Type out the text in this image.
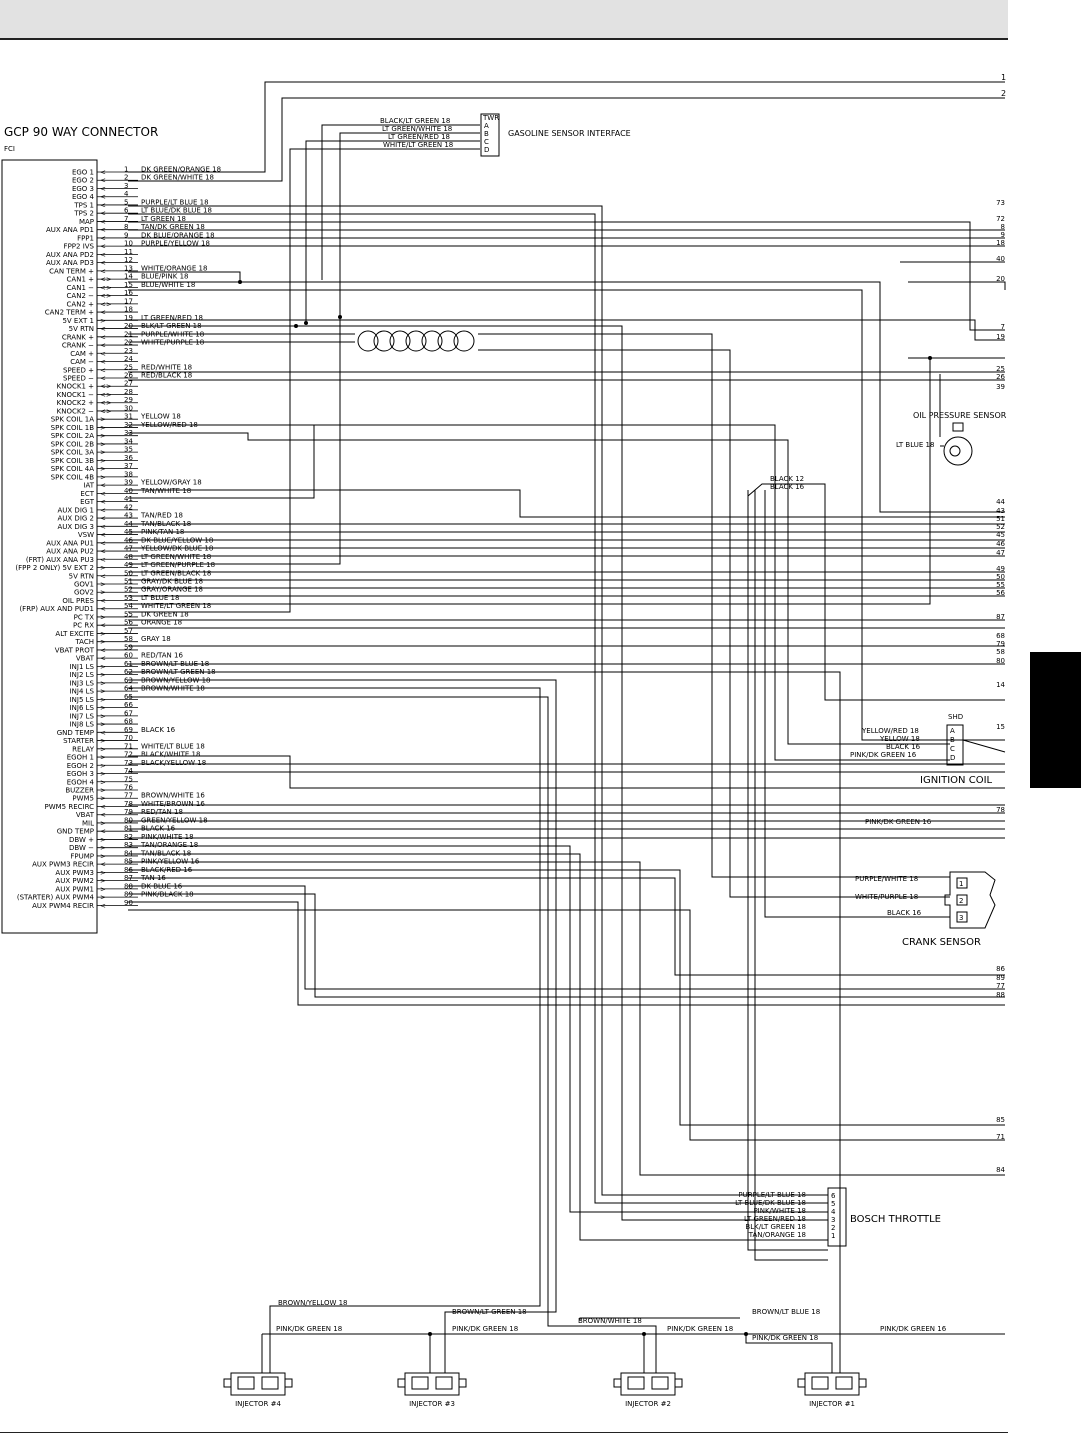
GCP 90 WAY CONNECTOR
FCI
EGO 1 <	1 DK GREEN/ORANGE 18
EGO 2 <	2 DK GREEN/WHITE 18
EGO 3 <	3
EGO 4 <	4
TPS 1 <	5 PURPLE/LT BLUE 18
TPS 2 <	6 LT BLUE/DK BLUE 18
MAP <	7 LT GREEN 18
AUX ANA PD1 <	8 TAN/DK GREEN 18
FPP1 <	9 DK BLUE/ORANGE 18
FPP2 IVS <	10 PURPLE/YELLOW 18
AUX ANA PD2 <	11
AUX ANA PD3 <	12
CAN TERM + <	13 WHITE/ORANGE 18
CAN1 + <> 14 BLUE/PINK 18
CAN1 − <> 15 BLUE/WHITE 18
CAN2 − <> 16
CAN2 + <> 17
CAN2 TERM + <	18
5V EXT 1 >	19 LT GREEN/RED 18
5V RTN <	20 BLK/LT GREEN 18
CRANK + <	21 PURPLE/WHITE 18
CRANK − <	22 WHITE/PURPLE 18
CAM + <	23
CAM − <	24
SPEED + <	25 RED/WHITE 18
SPEED − <	26 RED/BLACK 18
KNOCK1 + <> 27
KNOCK1 − <> 28
KNOCK2 + <> 29
KNOCK2 − <> 30
SPK COIL 1A >	31 YELLOW 18
SPK COIL 1B >	32 YELLOW/RED 18
SPK COIL 2A >	33
SPK COIL 2B >	34
SPK COIL 3A >	35
SPK COIL 3B >	36
SPK COIL 4A >	37
SPK COIL 4B >	38
IAT <	39 YELLOW/GRAY 18
ECT <	40 TAN/WHITE 18
EGT <	41
AUX DIG 1 <	42
AUX DIG 2 <	43 TAN/RED 18
AUX DIG 3 <	44 TAN/BLACK 18
VSW <	45 PINK/TAN 18
AUX ANA PU1 <	46 DK BLUE/YELLOW 18
AUX ANA PU2 <	47 YELLOW/DK BLUE 18
(FRT) AUX ANA PU3 <	48 LT GREEN/WHITE 18
(FPP 2 ONLY) 5V EXT 2 >	49 LT GREEN/PURPLE 18
5V RTN <	50 LT GREEN/BLACK 18
GOV1 >	51 GRAY/DK BLUE 18
GOV2 >	52 GRAY/ORANGE 18
OIL PRES <	53 LT BLUE 18
(FRP) AUX AND PUD1 <	54 WHITE/LT GREEN 18
PC TX >	55 DK GREEN 18
PC RX <	56 ORANGE 18
ALT EXCITE >	57
TACH >	58 GRAY 18
VBAT PROT <	59
VBAT <	60 RED/TAN 16
INJ1 LS >	61 BROWN/LT BLUE 18
INJ2 LS >	62 BROWN/LT GREEN 18
INJ3 LS >	63 BROWN/YELLOW 18
INJ4 LS >	64 BROWN/WHITE 18
INJ5 LS >	65
INJ6 LS >	66
INJ7 LS >	67
INJ8 LS >	68
GND TEMP <	69 BLACK 16
STARTER >	70
RELAY >	71 WHITE/LT BLUE 18
EGOH 1 >	72 BLACK/WHITE 18
EGOH 2 >	73 BLACK/YELLOW 18
EGOH 3 >	74
EGOH 4 >	75
BUZZER >	76
PWM5 >	77 BROWN/WHITE 16
PWM5 RECIRC <	78 WHITE/BROWN 16
VBAT <	79 RED/TAN 18
MIL >	80 GREEN/YELLOW 18
GND TEMP <	81 BLACK 16
DBW + >	82 PINK/WHITE 18
DBW − >	83 TAN/ORANGE 18
FPUMP >	84 TAN/BLACK 18
AUX PWM3 RECIR <	85 PINK/YELLOW 16
AUX PWM3 >	86 BLACK/RED 16
AUX PWM2 >	87 TAN 16
AUX PWM1 >	88 DK BLUE 16
(STARTER) AUX PWM4 >	89 PINK/BLACK 18
AUX PWM4 RECIR <	90
1
2
TWR
A
B
C
D
BLACK/LT GREEN 18
LT GREEN/WHITE 18
LT GREEN/RED 18
WHITE/LT GREEN 18
GASOLINE SENSOR INTERFACE
73
72
8
9
18
40
20
7
19
25
26
39
44
43
51
52
45
46
47
49
50
55
56
87
68
79
58
80
14
15
78
86
89
77
88
85
71
84
OIL PRESSURE SENSOR
LT BLUE 18
BLACK 12
BLACK 16
SHD
A
B
C
D
YELLOW/RED 18
YELLOW 18
BLACK 16
PINK/DK GREEN 16
IGNITION COIL
PINK/DK GREEN 16
1
2
3
PURPLE/WHITE 18
WHITE/PURPLE 18
BLACK 16
CRANK SENSOR
6
PURPLE/LT BLUE 18
5
LT BLUE/DK BLUE 18
4
PINK/WHITE 18
3
LT GREEN/RED 18
2
BLK/LT GREEN 18
1
TAN/ORANGE 18
BOSCH THROTTLE
PINK/DK GREEN 18	PINK/DK GREEN 18	PINK/DK GREEN 18
PINK/DK GREEN 18
PINK/DK GREEN 16
BROWN/YELLOW 18
BROWN/LT GREEN 18
BROWN/WHITE 18
BROWN/LT BLUE 18
INJECTOR #4	INJECTOR #3	INJECTOR #2	INJECTOR #1
